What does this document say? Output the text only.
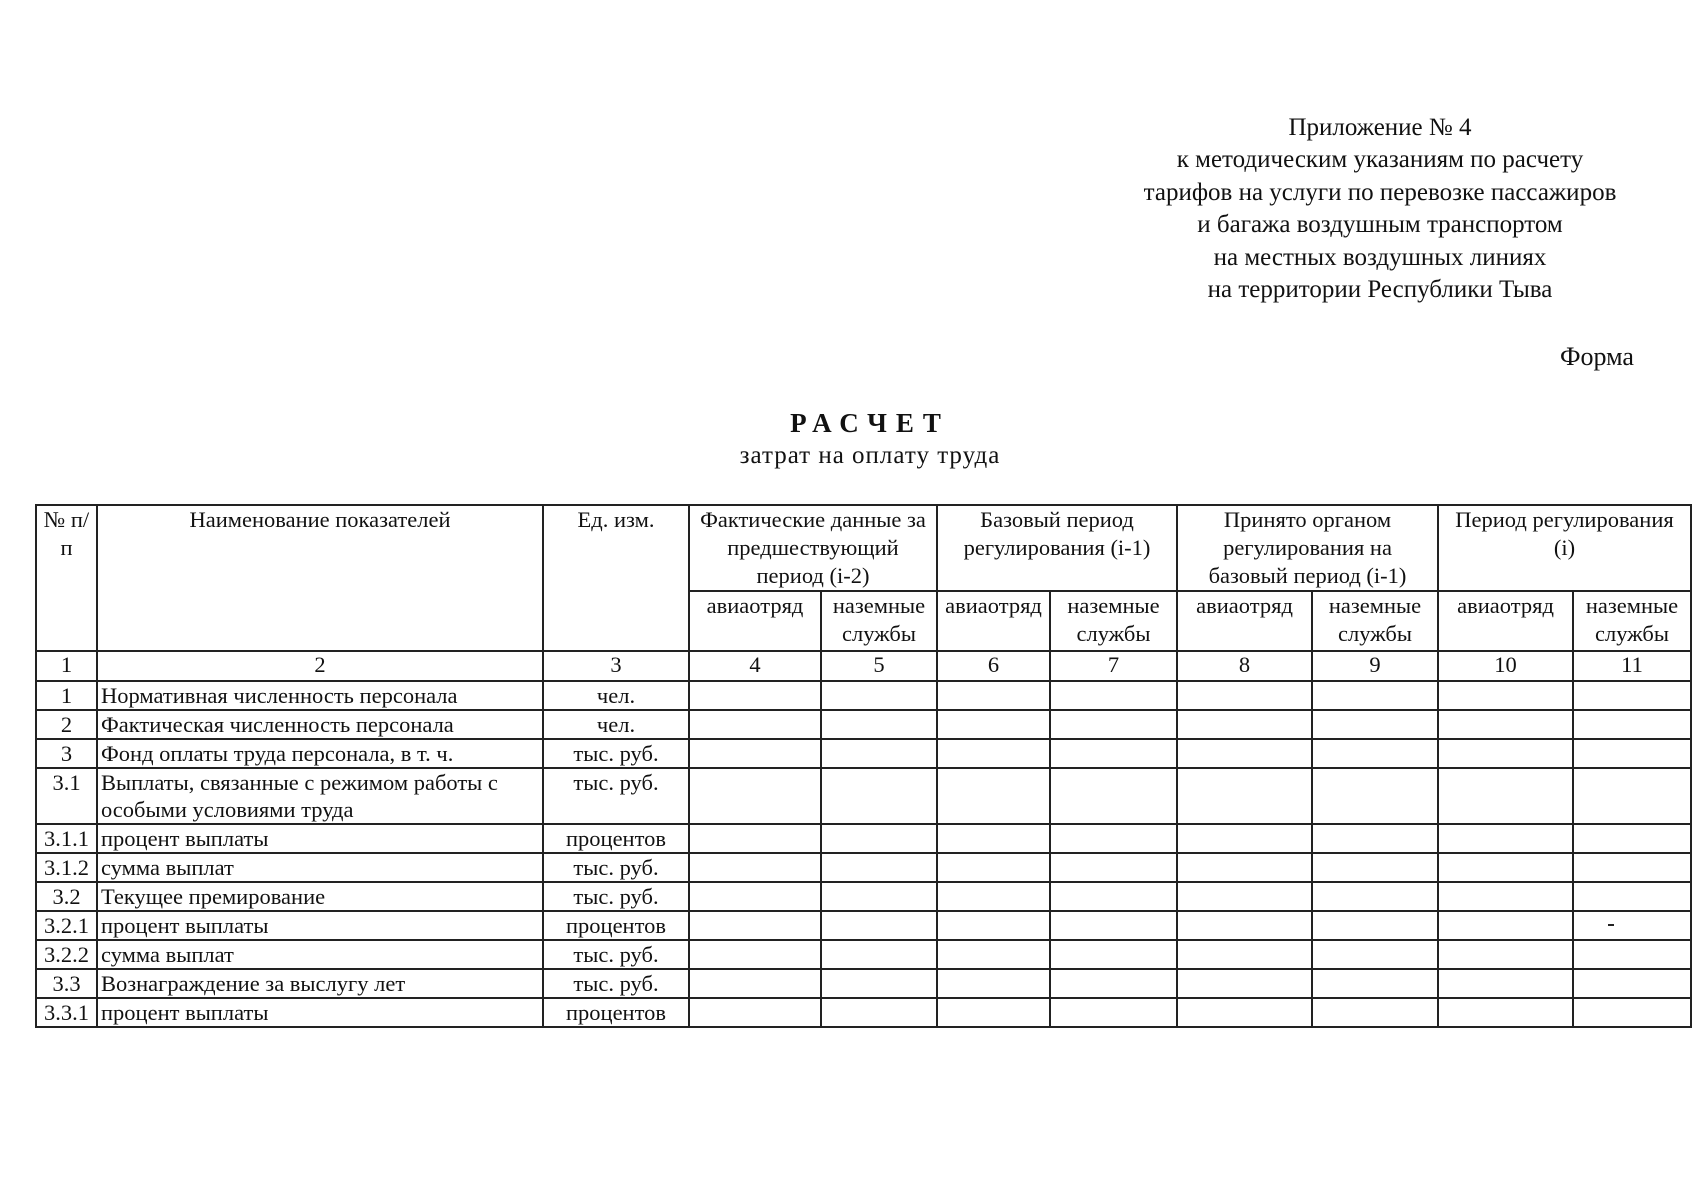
Приложение № 4
к методическим указаниям по расчету
тарифов на услуги по перевозке пассажиров
и багажа воздушным транспортом
на местных воздушных линиях
на территории Республики Тыва
Форма
РАСЧЕТ
затрат на оплату труда
№ п/п	Наименование показателей	Ед. изм.	Фактические данные за предшествующий период (i-2)		Базовый период регулирования (i-1)		Принято органом регулирования на базовый период (i-1)		Период регулирования (i)	
			авиаотряд	наземные службы	авиаотряд	наземные службы	авиаотряд	наземные службы	авиаотряд	наземные службы
1	2	3	4	5	6	7	8	9	10	11
1	Нормативная численность персонала	чел.								
2	Фактическая численность персонала	чел.								
3	Фонд оплаты труда персонала, в т. ч.	тыс. руб.								
3.1	Выплаты, связанные с режимом работы с особыми условиями труда	тыс. руб.								
3.1.1	процент выплаты	процентов								
3.1.2	сумма выплат	тыс. руб.								
3.2	Текущее премирование	тыс. руб.								
3.2.1	процент выплаты	процентов								

3.2.2	сумма выплат	тыс. руб.								
3.3	Вознаграждение за выслугу лет	тыс. руб.								
3.3.1	процент выплаты	процентов								
